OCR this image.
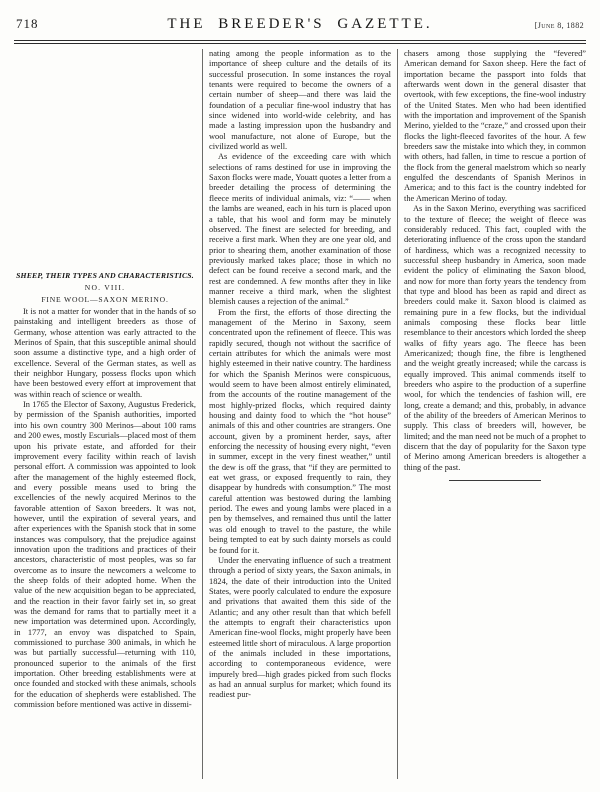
718	THE BREEDER'S GAZETTE.	[June 8, 1882
SHEEP, THEIR TYPES AND CHARACTERISTICS.
NO. VIII.
FINE WOOL—SAXON MERINO.

It is not a matter for wonder that in the hands of so painstaking and intelligent breeders as those of Germany, whose attention was early attracted to the Merinos of Spain, that this susceptible animal should soon assume a distinctive type, and a high order of excellence. Several of the German states, as well as their neighbor Hungary, possess flocks upon which have been bestowed every effort at improvement that was within reach of science or wealth.

In 1765 the Elector of Saxony, Augustus Frederick, by permission of the Spanish authorities, imported into his own country 300 Merinos—about 100 rams and 200 ewes, mostly Escurials—placed most of them upon his private estate, and afforded for their improvement every facility within reach of lavish personal effort. A commission was appointed to look after the management of the highly esteemed flock, and every possible means used to bring the excellencies of the newly acquired Merinos to the favorable attention of Saxon breeders. It was not, however, until the expiration of several years, and after experiences with the Spanish stock that in some instances was compulsory, that the prejudice against innovation upon the traditions and practices of their ancestors, characteristic of most peoples, was so far overcome as to insure the newcomers a welcome to the sheep folds of their adopted home. When the value of the new acquisition began to be appreciated, and the reaction in their favor fairly set in, so great was the demand for rams that to partially meet it a new importation was determined upon. Accordingly, in 1777, an envoy was dispatched to Spain, commissioned to purchase 300 animals, in which he was but partially successful—returning with 110, pronounced superior to the animals of the first importation. Other breeding establishments were at once founded and stocked with these animals, schools for the education of shepherds were established. The commission before mentioned was active in dissemi-

nating among the people information as to the importance of sheep culture and the details of its successful prosecution. In some instances the royal tenants were required to become the owners of a certain number of sheep—and there was laid the foundation of a peculiar fine-wool industry that has since widened into world-wide celebrity, and has made a lasting impression upon the husbandry and wool manufacture, not alone of Europe, but the civilized world as well.

As evidence of the exceeding care with which selections of rams destined for use in improving the Saxon flocks were made, Youatt quotes a letter from a breeder detailing the process of determining the fleece merits of individual animals, viz: “—— when the lambs are weaned, each in his turn is placed upon a table, that his wool and form may be minutely observed. The finest are selected for breeding, and receive a first mark. When they are one year old, and prior to shearing them, another examination of those previously marked takes place; those in which no defect can be found receive a second mark, and the rest are condemned. A few months after they in like manner receive a third mark, when the slightest blemish causes a rejection of the animal.”

From the first, the efforts of those directing the management of the Merino in Saxony, seem concentrated upon the refinement of fleece. This was rapidly secured, though not without the sacrifice of certain attributes for which the animals were most highly esteemed in their native country. The hardiness for which the Spanish Merinos were conspicuous, would seem to have been almost entirely eliminated, from the accounts of the routine management of the most highly-prized flocks, which required dainty housing and dainty food to which the “hot house” animals of this and other countries are strangers. One account, given by a prominent herder, says, after enforcing the necessity of housing every night, “even in summer, except in the very finest weather,” until the dew is off the grass, that “if they are permitted to eat wet grass, or exposed frequently to rain, they disappear by hundreds with consumption.” The most careful attention was bestowed during the lambing period. The ewes and young lambs were placed in a pen by themselves, and remained thus until the latter was old enough to travel to the pasture, the while being tempted to eat by such dainty morsels as could be found for it.

Under the enervating influence of such a treatment through a period of sixty years, the Saxon animals, in 1824, the date of their introduction into the United States, were poorly calculated to endure the exposure and privations that awaited them this side of the Atlantic; and any other result than that which befell the attempts to engraft their characteristics upon American fine-wool flocks, might properly have been esteemed little short of miraculous. A large proportion of the animals included in these importations, according to contemporaneous evidence, were impurely bred—high grades picked from such flocks as had an annual surplus for market; which found its readiest pur-

chasers among those supplying the “fevered” American demand for Saxon sheep. Here the fact of importation became the passport into folds that afterwards went down in the general disaster that overtook, with few exceptions, the fine-wool industry of the United States. Men who had been identified with the importation and improvement of the Spanish Merino, yielded to the “craze,” and crossed upon their flocks the light-fleeced favorites of the hour. A few breeders saw the mistake into which they, in common with others, had fallen, in time to rescue a portion of the flock from the general maelstrom which so nearly engulfed the descendants of Spanish Merinos in America; and to this fact is the country indebted for the American Merino of today.

As in the Saxon Merino, everything was sacrificed to the texture of fleece; the weight of fleece was considerably reduced. This fact, coupled with the deteriorating influence of the cross upon the standard of hardiness, which was a recognized necessity to successful sheep husbandry in America, soon made evident the policy of eliminating the Saxon blood, and now for more than forty years the tendency from that type and blood has been as rapid and direct as breeders could make it. Saxon blood is claimed as remaining pure in a few flocks, but the individual animals composing these flocks bear little resemblance to their ancestors which lorded the sheep walks of fifty years ago. The fleece has been Americanized; though fine, the fibre is lengthened and the weight greatly increased; while the carcass is equally improved. This animal commends itself to breeders who aspire to the production of a superfine wool, for which the tendencies of fashion will, ere long, create a demand; and this, probably, in advance of the ability of the breeders of American Merinos to supply. This class of breeders will, however, be limited; and the man need not be much of a prophet to discern that the day of popularity for the Saxon type of Merino among American breeders is altogether a thing of the past.
